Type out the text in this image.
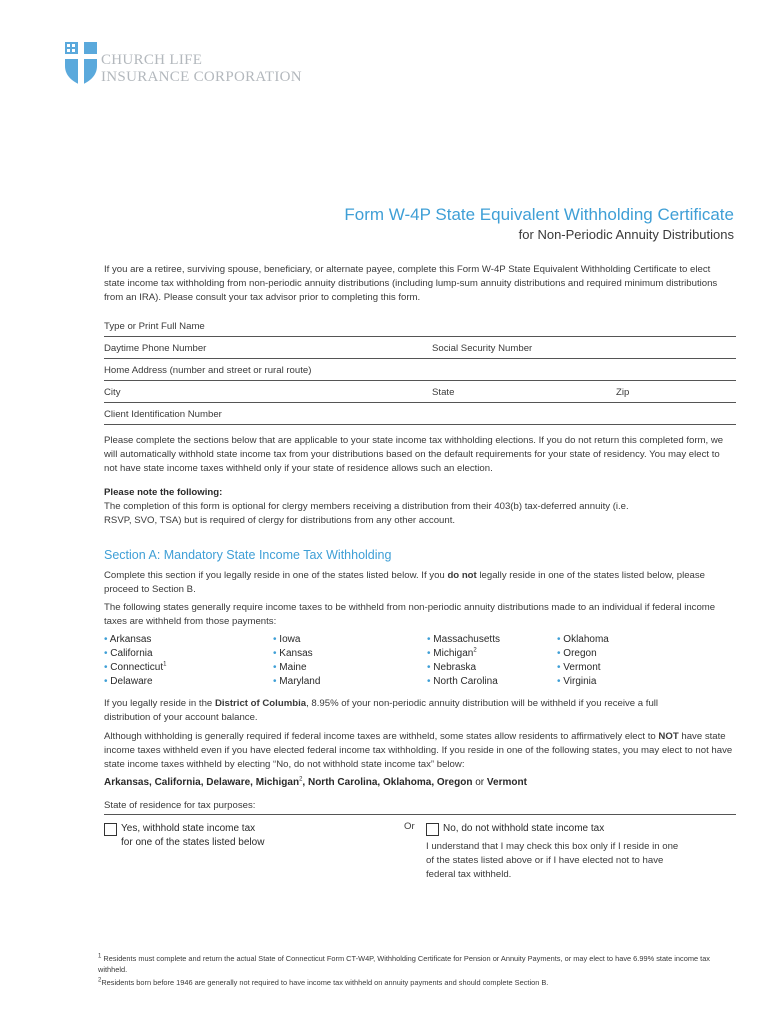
CHURCH LIFE
INSURANCE CORPORATION
Form W-4P State Equivalent Withholding Certificate
for Non-Periodic Annuity Distributions
If you are a retiree, surviving spouse, beneficiary, or alternate payee, complete this Form W-4P State Equivalent Withholding Certificate to elect state income tax withholding from non-periodic annuity distributions (including lump-sum annuity distributions and required minimum distributions from an IRA). Please consult your tax advisor prior to completing this form.
Type or Print Full Name
Daytime Phone Number	Social Security Number
Home Address (number and street or rural route)
City	State	Zip
Client Identification Number
Please complete the sections below that are applicable to your state income tax withholding elections. If you do not return this completed form, we will automatically withhold state income tax from your distributions based on the default requirements for your state of residency. You may elect to not have state income taxes withheld only if your state of residence allows such an election.
Please note the following:
The completion of this form is optional for clergy members receiving a distribution from their 403(b) tax-deferred annuity (i.e. RSVP, SVO, TSA) but is required of clergy for distributions from any other account.
Section A: Mandatory State Income Tax Withholding
Complete this section if you legally reside in one of the states listed below. If you do not legally reside in one of the states listed below, please proceed to Section B.
The following states generally require income taxes to be withheld from non-periodic annuity distributions made to an individual if federal income taxes are withheld from those payments:
• Arkansas
• California
• Connecticut$^1$
• Delaware
• Iowa
• Kansas
• Maine
• Maryland
• Massachusetts
• Michigan$^2$
• Nebraska
• North Carolina
• Oklahoma
• Oregon
• Vermont
• Virginia
If you legally reside in the District of Columbia, 8.95% of your non-periodic annuity distribution will be withheld if you receive a full distribution of your account balance.
Although withholding is generally required if federal income taxes are withheld, some states allow residents to affirmatively elect to NOT have state income taxes withheld even if you have elected federal income tax withholding. If you reside in one of the following states, you may elect to not have state income taxes withheld by electing “No, do not withhold state income tax” below:
Arkansas, California, Delaware, Michigan$^2$, North Carolina, Oklahoma, Oregon or Vermont
State of residence for tax purposes:
Yes, withhold state income tax
for one of the states listed below
Or	No, do not withhold state income tax
I understand that I may check this box only if I reside in one of the states listed above or if I have elected not to have federal tax withheld.
$^1$ Residents must complete and return the actual State of Connecticut Form CT-W4P, Withholding Certificate for Pension or Annuity Payments, or may elect to have 6.99% state income tax withheld.
$^2$Residents born before 1946 are generally not required to have income tax withheld on annuity payments and should complete Section B.
